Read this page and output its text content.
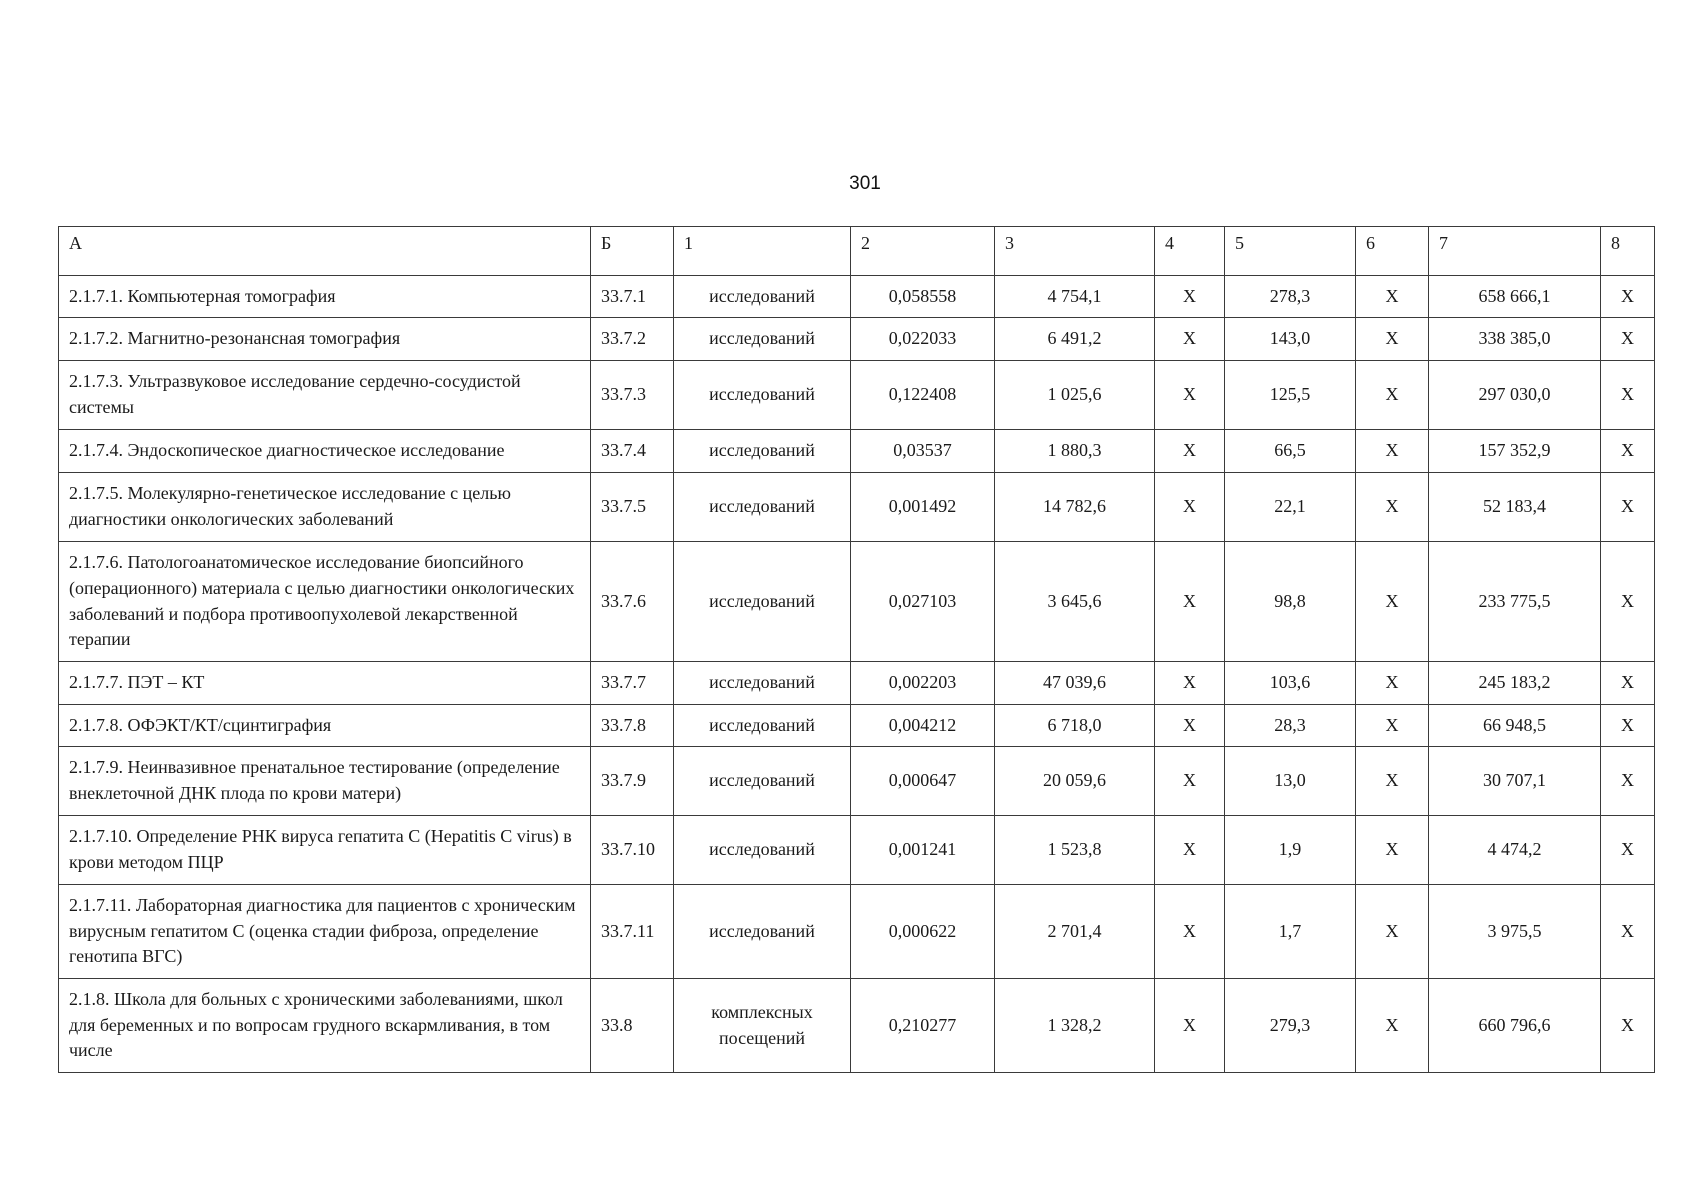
301
А	Б	1	2	3	4	5	6	7	8
2.1.7.1. Компьютерная томография	33.7.1	исследований	0,058558	4 754,1	Х	278,3	Х	658 666,1	Х
2.1.7.2. Магнитно-резонансная томография	33.7.2	исследований	0,022033	6 491,2	Х	143,0	Х	338 385,0	Х
2.1.7.3. Ультразвуковое исследование сердечно-сосудистой системы	33.7.3	исследований	0,122408	1 025,6	Х	125,5	Х	297 030,0	Х
2.1.7.4. Эндоскопическое диагностическое исследование	33.7.4	исследований	0,03537	1 880,3	Х	66,5	Х	157 352,9	Х
2.1.7.5. Молекулярно-генетическое исследование с целью диагностики онкологических заболеваний	33.7.5	исследований	0,001492	14 782,6	Х	22,1	Х	52 183,4	Х
2.1.7.6. Патологоанатомическое исследование биопсийного (операционного) материала с целью диагностики онкологических заболеваний и подбора противоопухолевой лекарственной терапии	33.7.6	исследований	0,027103	3 645,6	Х	98,8	Х	233 775,5	Х
2.1.7.7. ПЭТ – КТ	33.7.7	исследований	0,002203	47 039,6	Х	103,6	Х	245 183,2	Х
2.1.7.8. ОФЭКТ/КТ/сцинтиграфия	33.7.8	исследований	0,004212	6 718,0	Х	28,3	Х	66 948,5	Х
2.1.7.9. Неинвазивное пренатальное тестирование (определение внеклеточной ДНК плода по крови матери)	33.7.9	исследований	0,000647	20 059,6	Х	13,0	Х	30 707,1	Х
2.1.7.10. Определение РНК вируса гепатита С (Hepatitis C virus) в крови методом ПЦР	33.7.10	исследований	0,001241	1 523,8	Х	1,9	Х	4 474,2	Х
2.1.7.11. Лабораторная диагностика для пациентов с хроническим вирусным гепатитом С (оценка стадии фиброза, определение генотипа ВГС)	33.7.11	исследований	0,000622	2 701,4	Х	1,7	Х	3 975,5	Х
2.1.8. Школа для больных с хроническими заболеваниями, школ для беременных и по вопросам грудного вскармливания, в том числе	33.8	комплексных посещений	0,210277	1 328,2	Х	279,3	Х	660 796,6	Х
